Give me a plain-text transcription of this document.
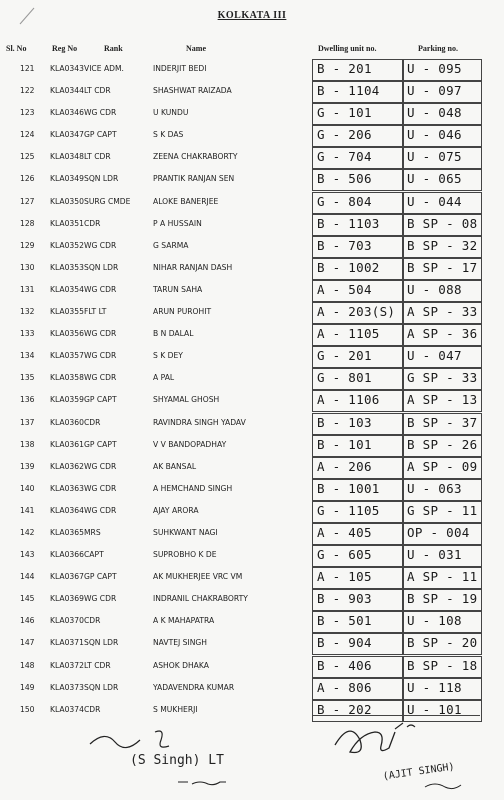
KOLKATA III
Sl. No	Reg No	Rank	Name	Dwelling unit no.	Parking no.
121 KLA0343 VICE ADM.	INDERJIT BEDI	B - 201	U - 095
122 KLA0344 LT CDR	SHASHWAT RAIZADA	B - 1104	U - 097
123 KLA0346 WG CDR	U KUNDU	G - 101	U - 048
124 KLA0347 GP CAPT	S K DAS	G - 206	U - 046
125 KLA0348 LT CDR	ZEENA CHAKRABORTY	G - 704	U - 075
126 KLA0349 SQN LDR	PRANTIK RANJAN SEN	B - 506	U - 065
127 KLA0350 SURG CMDE	ALOKE BANERJEE	G - 804	U - 044
128 KLA0351 CDR	P A HUSSAIN	B - 1103	B SP - 08
129 KLA0352 WG CDR	G SARMA	B - 703	B SP - 32
130 KLA0353 SQN LDR	NIHAR RANJAN DASH	B - 1002	B SP - 17
131 KLA0354 WG CDR	TARUN SAHA	A - 504	U - 088
132 KLA0355 FLT LT	ARUN PUROHIT	A - 203(S) A SP - 33
133 KLA0356 WG CDR	B N DALAL	A - 1105	A SP - 36
134 KLA0357 WG CDR	S K DEY	G - 201	U - 047
135 KLA0358 WG CDR	A PAL	G - 801	G SP - 33
136 KLA0359 GP CAPT	SHYAMAL GHOSH	A - 1106	A SP - 13
137 KLA0360 CDR	RAVINDRA SINGH YADAV	B - 103	B SP - 37
138 KLA0361 GP CAPT	V V BANDOPADHAY	B - 101	B SP - 26
139 KLA0362 WG CDR	AK BANSAL	A - 206	A SP - 09
140 KLA0363 WG CDR	A HEMCHAND SINGH	B - 1001	U - 063
141 KLA0364 WG CDR	AJAY ARORA	G - 1105	G SP - 11
142 KLA0365 MRS	SUHKWANT NAGI	A - 405	OP - 004
143 KLA0366 CAPT	SUPROBHO K DE	G - 605	U - 031
144 KLA0367 GP CAPT	AK MUKHERJEE VRC VM	A - 105	A SP - 11
145 KLA0369 WG CDR	INDRANIL CHAKRABORTY	B - 903	B SP - 19
146 KLA0370 CDR	A K MAHAPATRA	B - 501	U - 108
147 KLA0371 SQN LDR	NAVTEJ SINGH	B - 904	B SP - 20
148 KLA0372 LT CDR	ASHOK DHAKA	B - 406	B SP - 18
149 KLA0373 SQN LDR	YADAVENDRA KUMAR	A - 806	U - 118
150 KLA0374 CDR	S MUKHERJI	B - 202	U - 101
(S Singh) LT
(AJIT SINGH)
